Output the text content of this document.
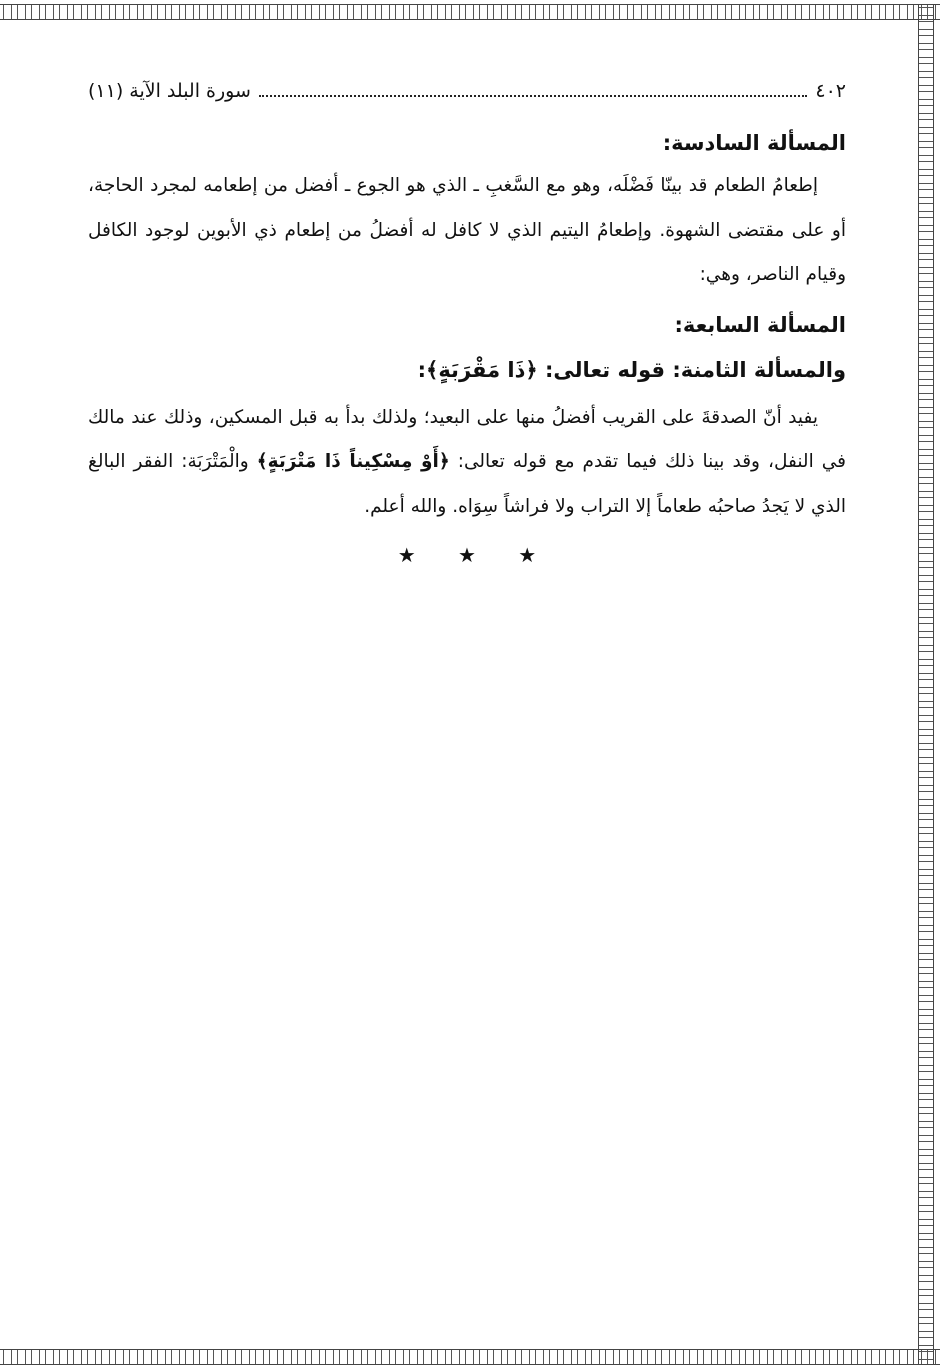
٤٠٢
سورة البلد الآية (١١)
المسألة السادسة:

إطعامُ الطعام قد بينّا فَضْلَه، وهو مع السَّغبِ ـ الذي هو الجوع ـ أفضل من إطعامه لمجرد الحاجة، أو على مقتضى الشهوة. وإطعامُ اليتيم الذي لا كافل له أفضلُ من إطعام ذي الأبوين لوجود الكافل وقيام الناصر، وهي:

المسألة السابعة:
والمسألة الثامنة: قوله تعالى: ﴿ذَا مَقْرَبَةٍ﴾:

يفيد أنّ الصدقةَ على القريب أفضلُ منها على البعيد؛ ولذلك بدأ به قبل المسكين، وذلك عند مالك في النفل، وقد بينا ذلك فيما تقدم مع قوله تعالى: ﴿أَوْ مِسْكِيناً ذَا مَتْرَبَةٍ﴾ والْمَتْرَبَة: الفقر البالغ الذي لا يَجدُ صاحبُه طعاماً إلا التراب ولا فراشاً سِوَاه. والله أعلم.

★ ★ ★
